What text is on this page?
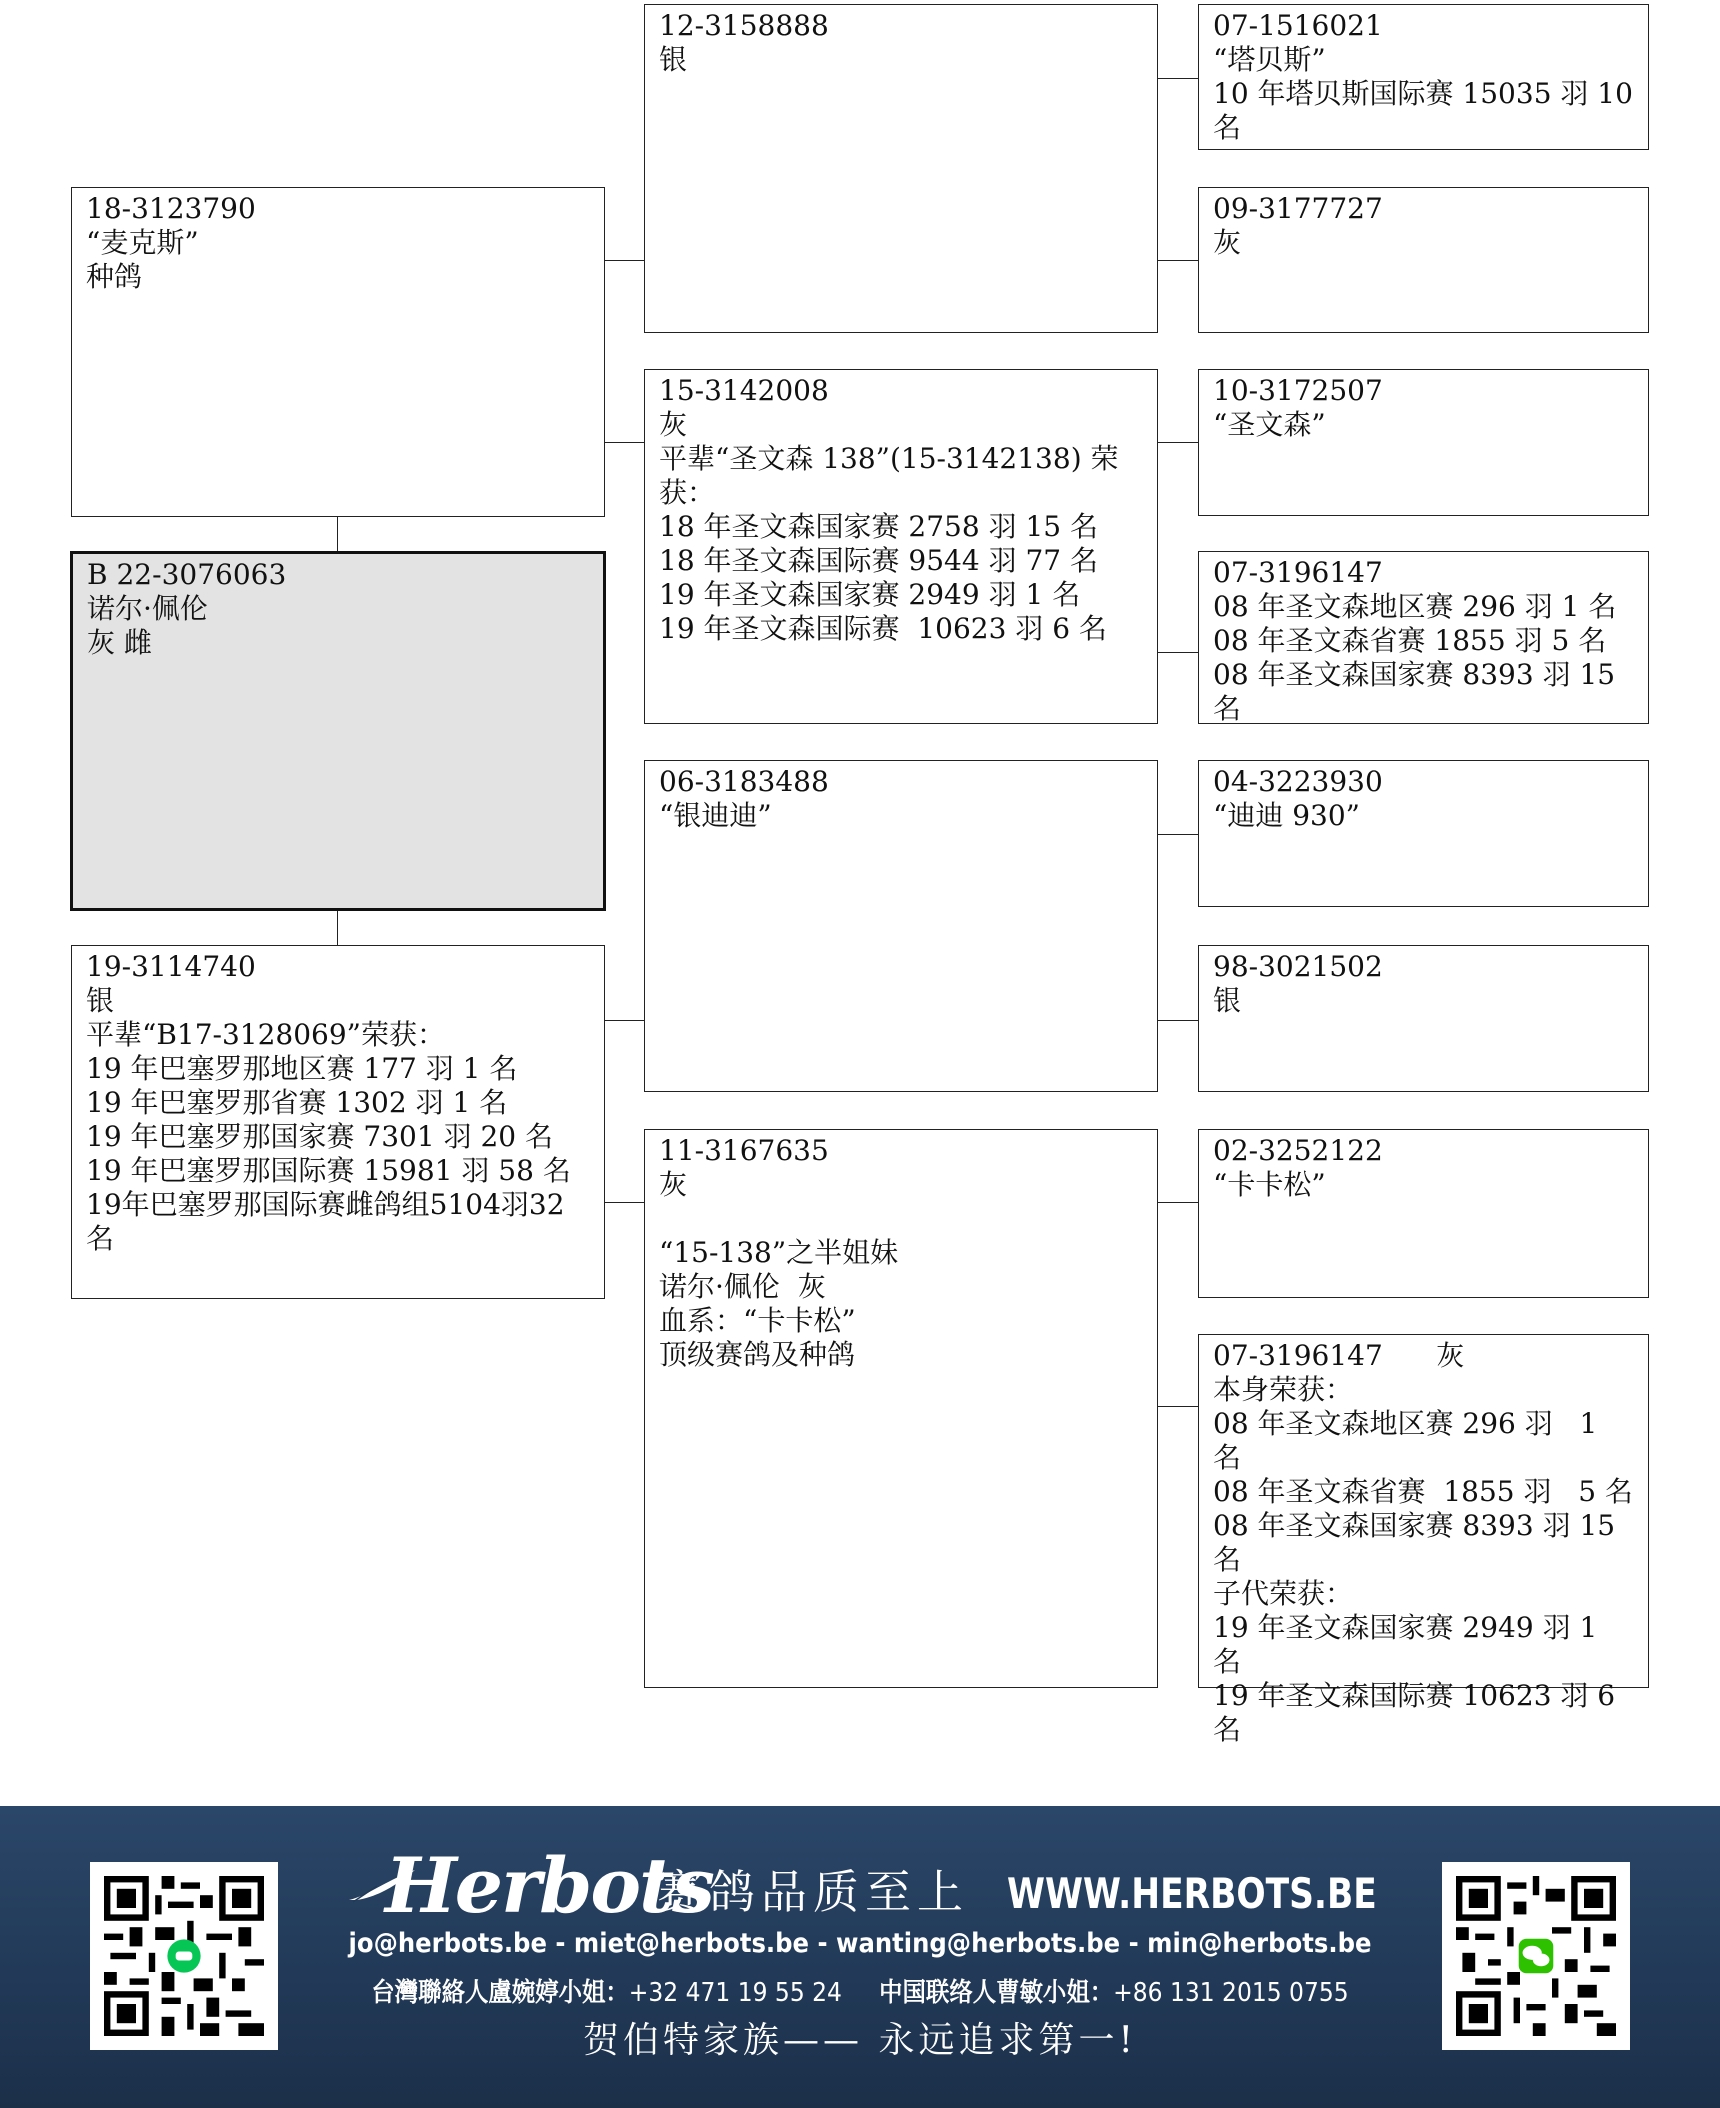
18-3123790
“麦克斯”
种鸽
B 22-3076063
诺尔·佩伦
灰 雌
19-3114740
银
平辈“B17-3128069”荣获：
19 年巴塞罗那地区赛 177 羽 1 名
19 年巴塞罗那省赛 1302 羽 1 名
19 年巴塞罗那国家赛 7301 羽 20 名
19 年巴塞罗那国际赛 15981 羽 58 名
19年巴塞罗那国际赛雌鸽组5104羽32
名
12-3158888
银
15-3142008
灰
平辈“圣文森 138”(15-3142138) 荣
获：
18 年圣文森国家赛 2758 羽 15 名
18 年圣文森国际赛 9544 羽 77 名
19 年圣文森国家赛 2949 羽 1 名
19 年圣文森国际赛  10623 羽 6 名
06-3183488
“银迪迪”
11-3167635
灰

“15-138”之半姐妹
诺尔·佩伦  灰
血系：“卡卡松”
顶级赛鸽及种鸽
07-1516021
“塔贝斯”
10 年塔贝斯国际赛 15035 羽 10
名
09-3177727
灰
10-3172507
“圣文森”
07-3196147
08 年圣文森地区赛 296 羽 1 名
08 年圣文森省赛 1855 羽 5 名
08 年圣文森国家赛 8393 羽 15
名
04-3223930
“迪迪 930”
98-3021502
银
02-3252122
“卡卡松”
07-3196147      灰
本身荣获：
08 年圣文森地区赛 296 羽   1 名
08 年圣文森省赛  1855 羽   5 名
08 年圣文森国家赛 8393 羽 15
名
子代荣获：
19 年圣文森国家赛 2949 羽 1 名
19 年圣文森国际赛 10623 羽 6
名
Herbots
赛鸽品质至上 WWW.HERBOTS.BE
jo@herbots.be - miet@herbots.be - wanting@herbots.be - min@herbots.be
台灣聯絡人盧婉婷小姐：+32 471 19 55 24 中国联络人曹敏小姐：+86 131 2015 0755
贺伯特家族—— 永远追求第一!
